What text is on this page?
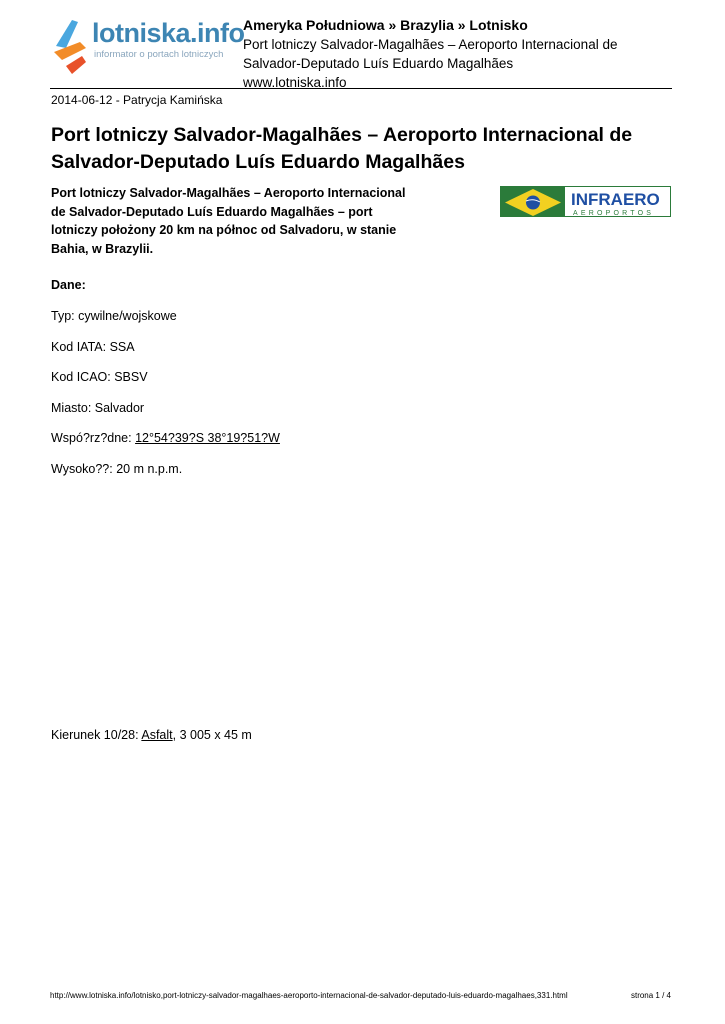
lotniska.info
informator o portach lotniczych
Ameryka Południowa » Brazylia » Lotnisko
Port lotniczy Salvador-Magalhães – Aeroporto Internacional de Salvador-Deputado Luís Eduardo Magalhães
www.lotniska.info
2014-06-12 - Patrycja Kamińska
Port lotniczy Salvador-Magalhães – Aeroporto Internacional de Salvador-Deputado Luís Eduardo Magalhães
Port lotniczy Salvador-Magalhães – Aeroporto Internacional de Salvador-Deputado Luís Eduardo Magalhães – port lotniczy położony 20 km na północ od Salvadoru, w stanie Bahia, w Brazylii.
INFRAERO
AEROPORTOS
Dane:
Typ: cywilne/wojskowe
Kod IATA: SSA
Kod ICAO: SBSV
Miasto: Salvador
Wspó?rz?dne: 12°54?39?S 38°19?51?W
Wysoko??: 20 m n.p.m.
Kierunek 10/28: Asfalt, 3 005 x 45 m
http://www.lotniska.info/lotnisko,port-lotniczy-salvador-magalhaes-aeroporto-internacional-de-salvador-deputado-luis-eduardo-magalhaes,331.html	strona 1 / 4
